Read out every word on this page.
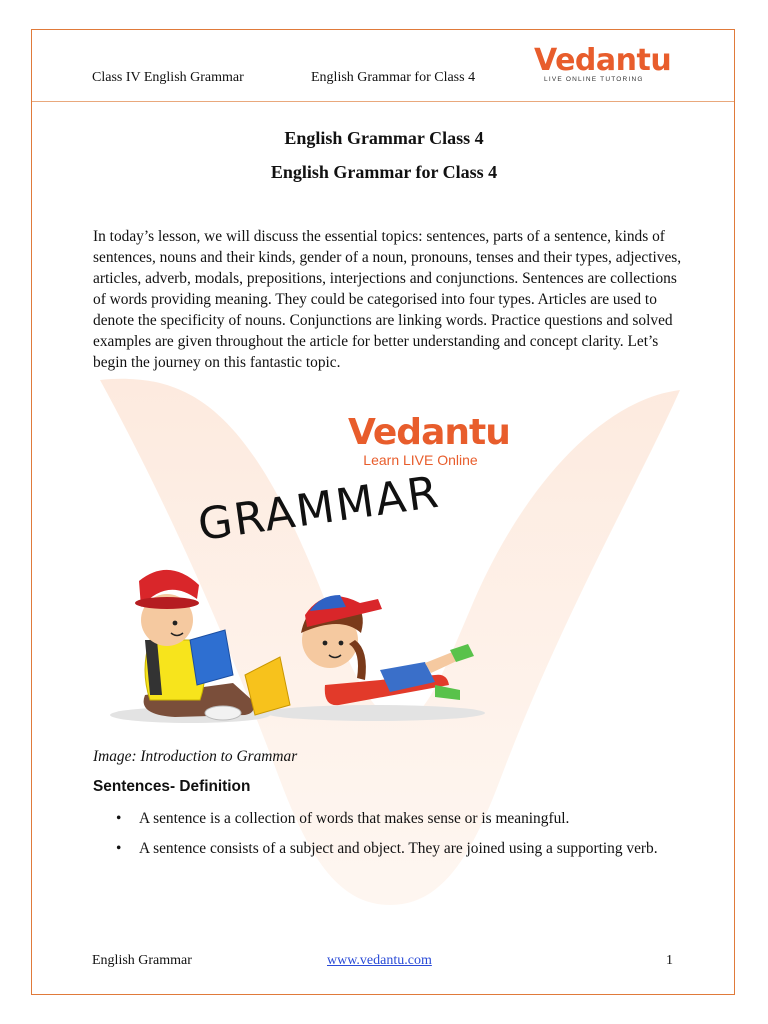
Class IV English Grammar	English Grammar for Class 4 Vedantu
LIVE ONLINE TUTORING
English Grammar Class 4
English Grammar for Class 4
In today’s lesson, we will discuss the essential topics: sentences, parts of a sentence, kinds of sentences, nouns and their kinds, gender of a noun, pronouns, tenses and their types, adjectives, articles, adverb, modals, prepositions, interjections and conjunctions. Sentences are collections of words providing meaning. They could be categorised into four types. Articles are used to denote the specificity of nouns. Conjunctions are linking words. Practice questions and solved examples are given throughout the article for better understanding and concept clarity. Let’s begin the journey on this fantastic topic.
Vedantu
Learn LIVE Online
GRAMMAR
Image: Introduction to Grammar
Sentences- Definition
• A sentence is a collection of words that makes sense or is meaningful.
• A sentence consists of a subject and object. They are joined using a supporting verb.
English Grammar	www.vedantu.com	1
